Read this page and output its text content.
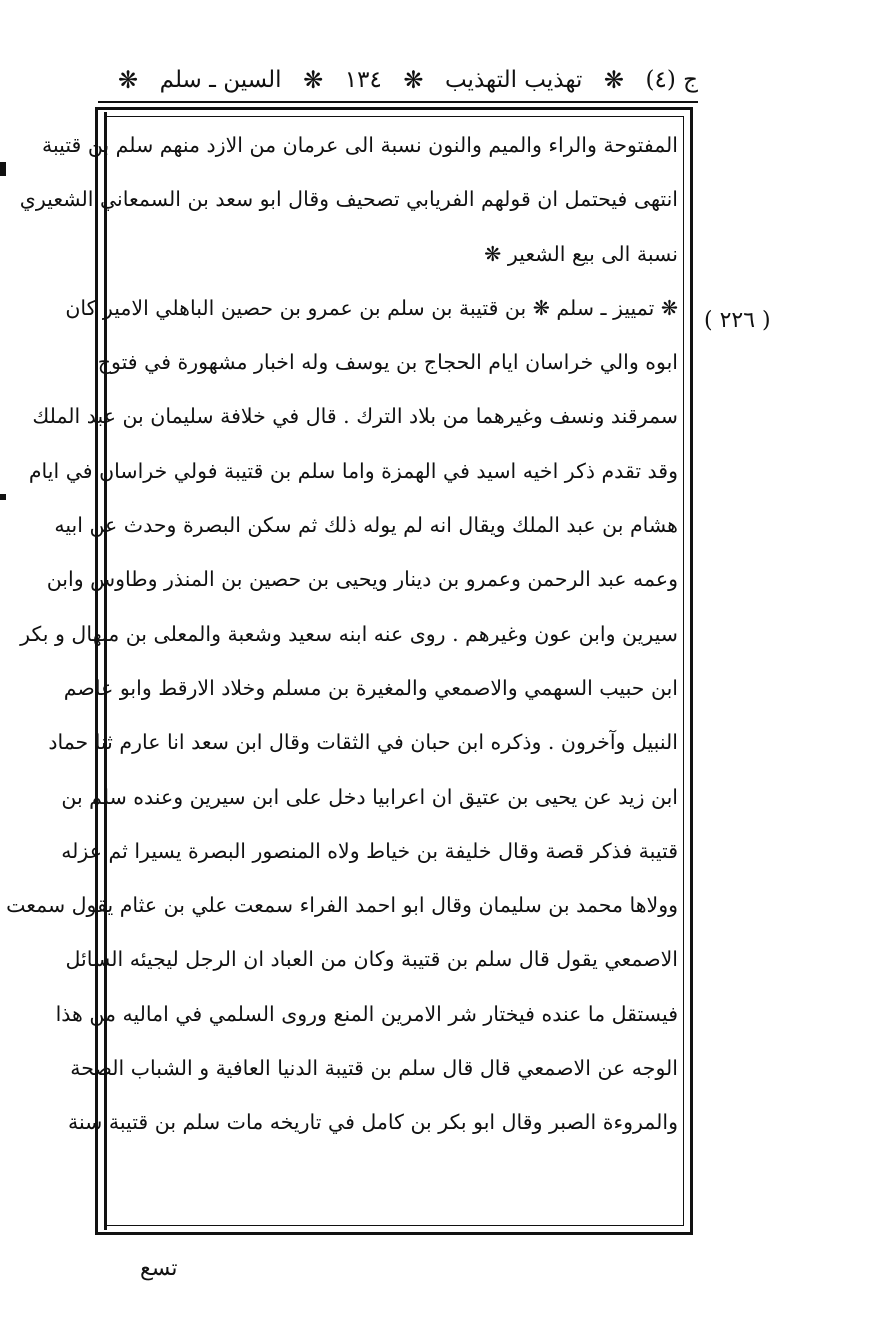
ج (٤)
❋
تهذيب التهذيب
❋
١٣٤
❋
السين ـ سلم
❋
( ٢٢٦ )
المفتوحة والراء والميم والنون نسبة الى عرمان من الازد منهم سلم بن قتيبة
انتهى فيحتمل ان قولهم الفريابي تصحيف وقال ابو سعد بن السمعاني الشعيري
نسبة الى بيع الشعير ❋
❋ تمييز ـ سلم ❋ بن قتيبة بن سلم بن عمرو بن حصين الباهلي الامير كان
ابوه والي خراسان ايام الحجاج بن يوسف وله اخبار مشهورة في فتوح
سمرقند ونسف وغيرهما من بلاد الترك . قال في خلافة سليمان بن عبد الملك
وقد تقدم ذكر اخيه اسيد في الهمزة واما سلم بن قتيبة فولي خراسان في ايام
هشام بن عبد الملك ويقال انه لم يوله ذلك ثم سكن البصرة وحدث عن ابيه
وعمه عبد الرحمن وعمرو بن دينار ويحيى بن حصين بن المنذر وطاوس وابن
سيرين وابن عون وغيرهم . روى عنه ابنه سعيد وشعبة والمعلى بن منهال و بكر
ابن حبيب السهمي والاصمعي والمغيرة بن مسلم وخلاد الارقط وابو عاصم
النبيل وآخرون . وذكره ابن حبان في الثقات وقال ابن سعد انا عارم ثنا حماد
ابن زيد عن يحيى بن عتيق ان اعرابيا دخل على ابن سيرين وعنده سلم بن
قتيبة فذكر قصة وقال خليفة بن خياط ولاه المنصور البصرة يسيرا ثم عزله
وولاها محمد بن سليمان وقال ابو احمد الفراء سمعت علي بن عثام يقول سمعت
الاصمعي يقول قال سلم بن قتيبة وكان من العباد ان الرجل ليجيئه السائل
فيستقل ما عنده فيختار شر الامرين المنع وروى السلمي في اماليه من هذا
الوجه عن الاصمعي قال قال سلم بن قتيبة الدنيا العافية و الشباب الصحة
والمروءة الصبر وقال ابو بكر بن كامل في تاريخه مات سلم بن قتيبة سنة
تسع
